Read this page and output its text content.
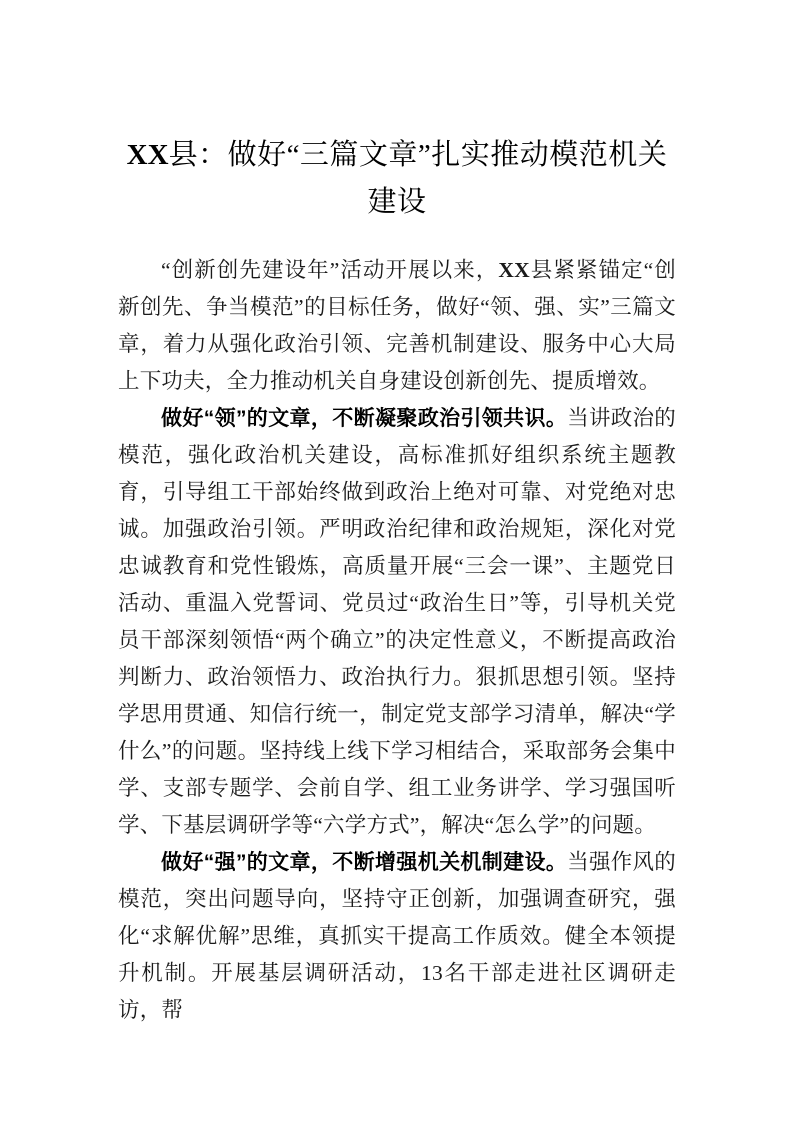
XX县：做好“三篇文章”扎实推动模范机关建设

“创新创先建设年”活动开展以来，XX县紧紧锚定“创新创先、争当模范”的目标任务，做好“领、强、实”三篇文章，着力从强化政治引领、完善机制建设、服务中心大局上下功夫，全力推动机关自身建设创新创先、提质增效。

做好“领”的文章，不断凝聚政治引领共识。当讲政治的模范，强化政治机关建设，高标准抓好组织系统主题教育，引导组工干部始终做到政治上绝对可靠、对党绝对忠诚。加强政治引领。严明政治纪律和政治规矩，深化对党忠诚教育和党性锻炼，高质量开展“三会一课”、主题党日活动、重温入党誓词、党员过“政治生日”等，引导机关党员干部深刻领悟“两个确立”的决定性意义，不断提高政治判断力、政治领悟力、政治执行力。狠抓思想引领。坚持学思用贯通、知信行统一，制定党支部学习清单，解决“学什么”的问题。坚持线上线下学习相结合，采取部务会集中学、支部专题学、会前自学、组工业务讲学、学习强国听学、下基层调研学等“六学方式”，解决“怎么学”的问题。

做好“强”的文章，不断增强机关机制建设。当强作风的模范，突出问题导向，坚持守正创新，加强调查研究，强化“求解优解”思维，真抓实干提高工作质效。健全本领提升机制。开展基层调研活动，13名干部走进社区调研走访，帮
